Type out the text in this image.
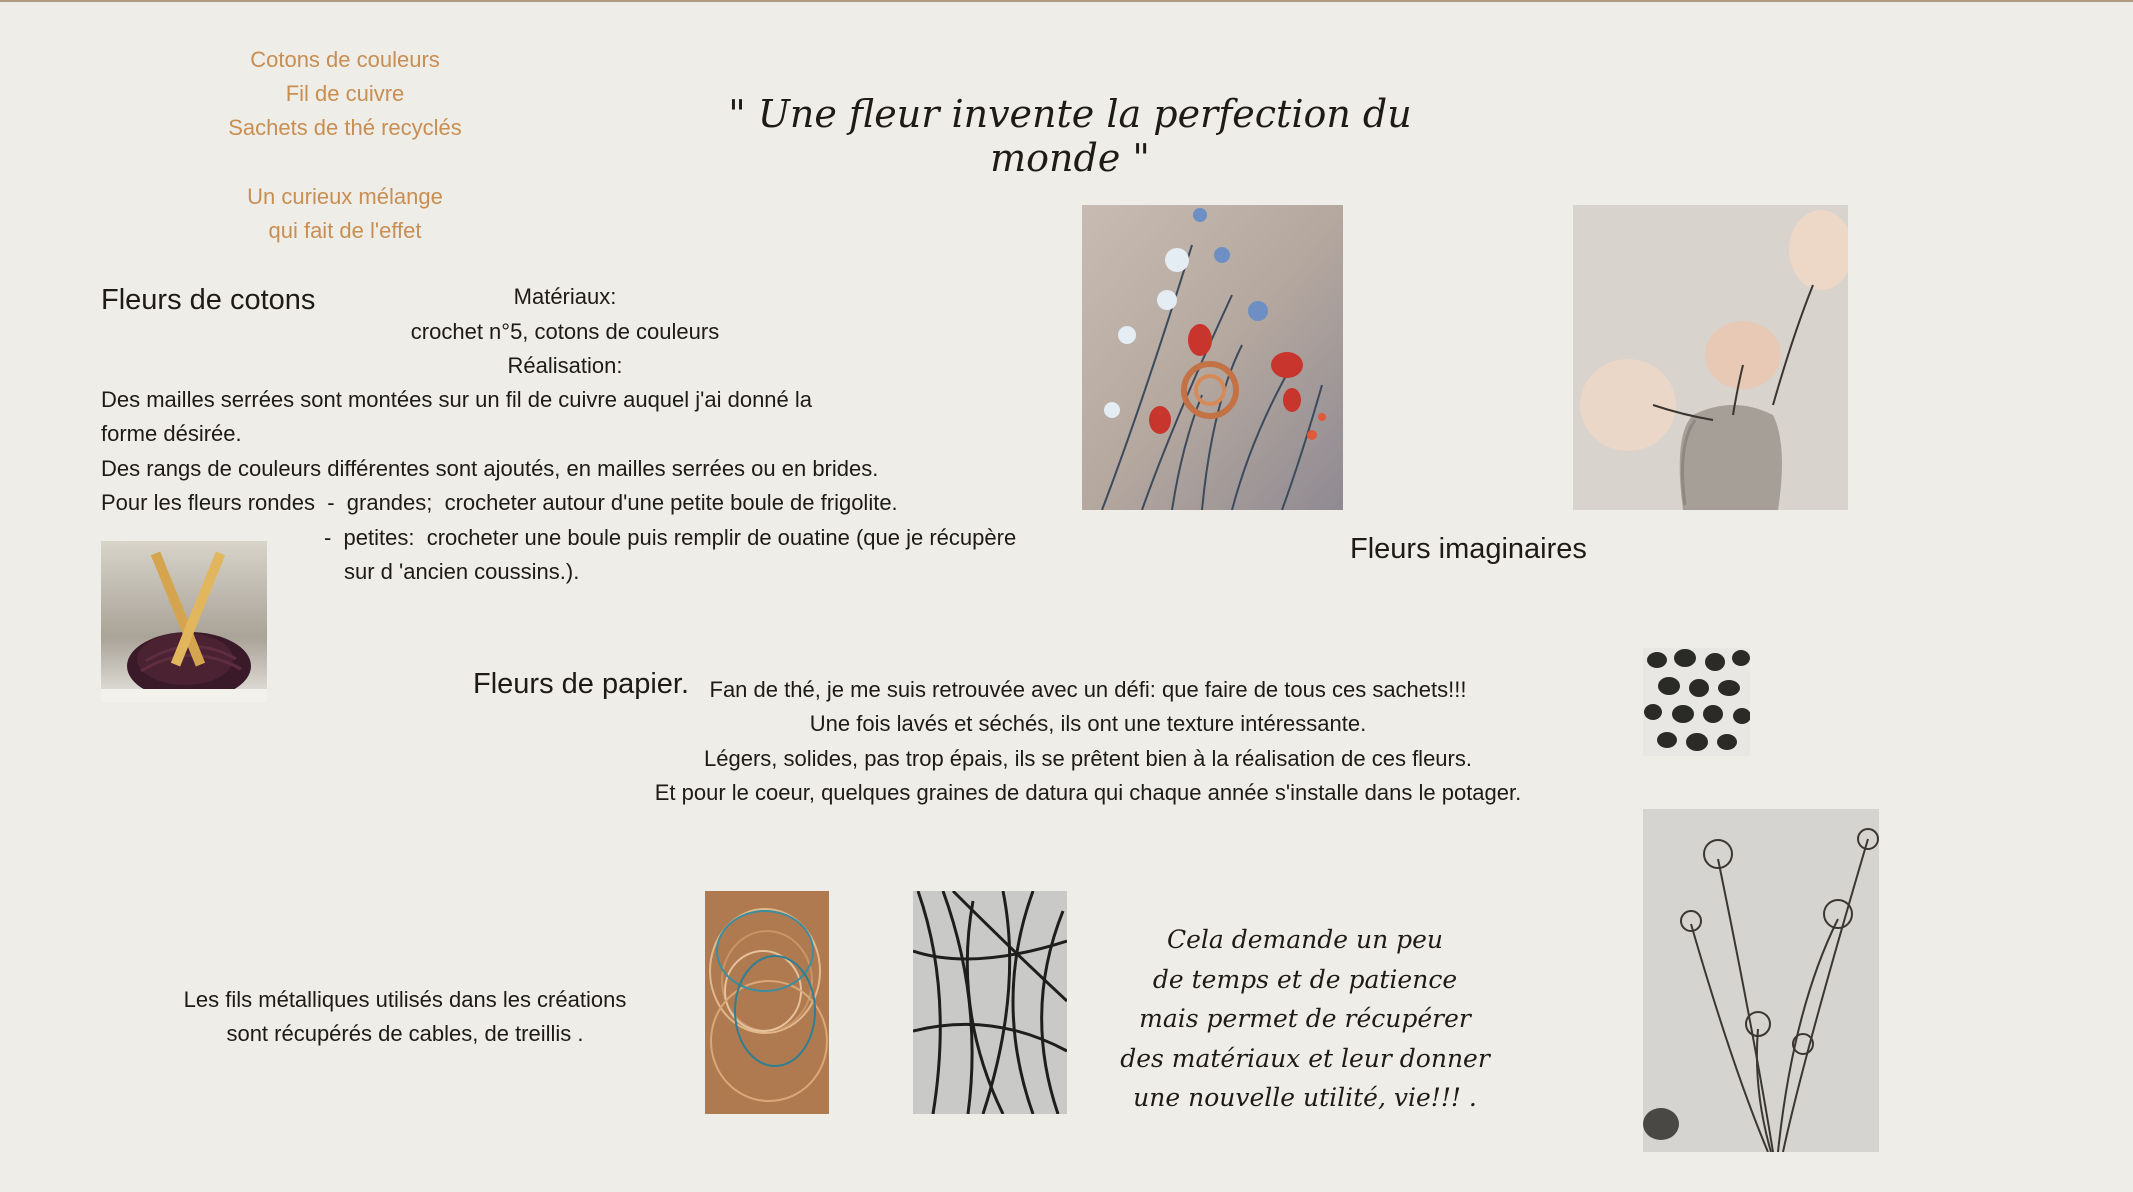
Cotons de couleurs
Fil de cuivre
Sachets de thé recyclés
Un curieux mélange
qui fait de l'effet
" Une fleur invente la perfection du monde "
Fleurs de cotons	Matériaux:
crochet n°5, cotons de couleurs
Réalisation:
Des mailles serrées sont montées sur un fil de cuivre auquel j'ai donné la
forme désirée.
Des rangs de couleurs différentes sont ajoutés, en mailles serrées ou en brides.
Pour les fleurs rondes  -  grandes;  crocheter autour d'une petite boule de frigolite.
-  petites:  crocheter une boule puis remplir de ouatine (que je récupère
sur d 'ancien coussins.).
Fleurs imaginaires
Fleurs de papier. Fan de thé, je me suis retrouvée avec un défi: que faire de tous ces sachets!!!
Une fois lavés et séchés, ils ont une texture intéressante.
Légers, solides, pas trop épais, ils se prêtent bien à la réalisation de ces fleurs.
Et pour le coeur, quelques graines de datura qui chaque année s'installe dans le potager.
Les fils métalliques utilisés dans les créations
sont récupérés de cables, de treillis .
Cela demande un peu
de temps et de patience
mais permet de récupérer
des matériaux et leur donner
une nouvelle utilité, vie!!! .
